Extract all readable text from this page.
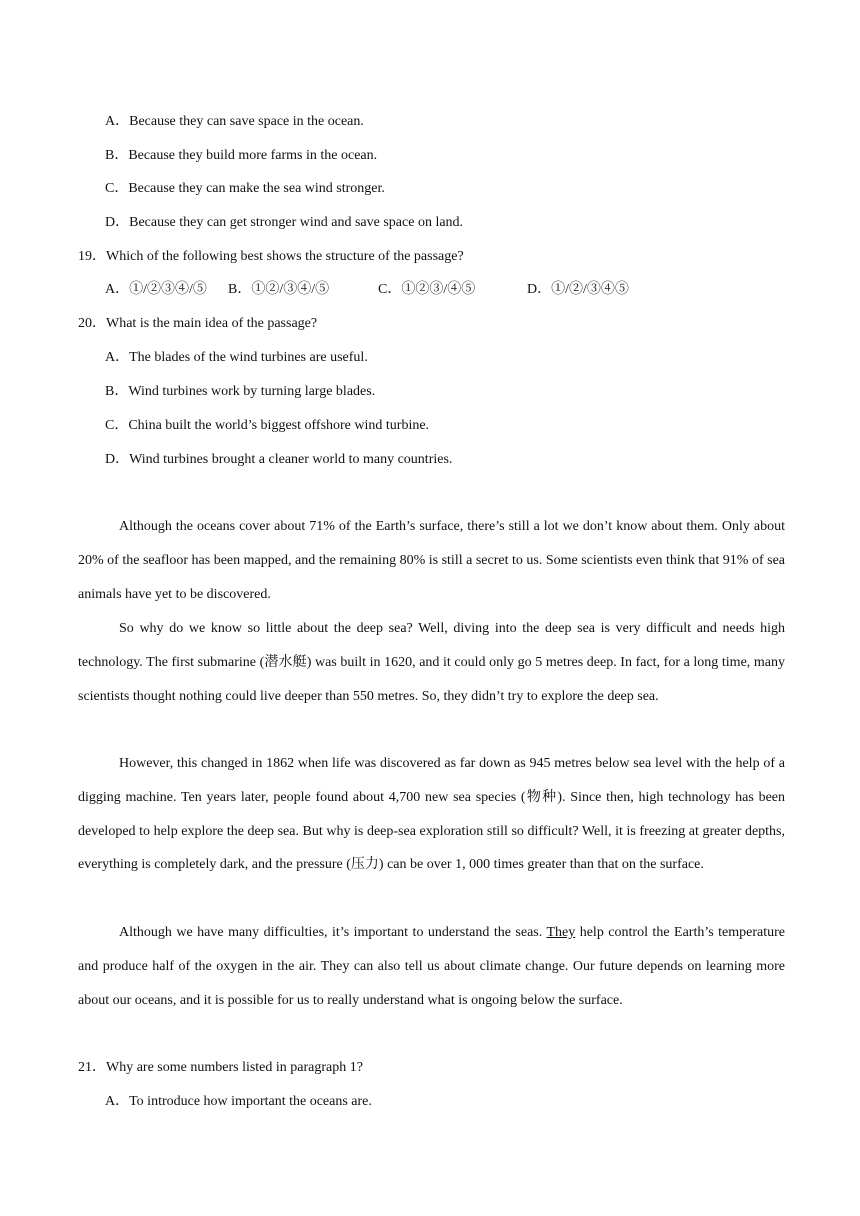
A．Because they can save space in the ocean.
B．Because they build more farms in the ocean.
C．Because they can make the sea wind stronger.
D．Because they can get stronger wind and save space on land.
19．Which of the following best shows the structure of the passage?
A．①/②③④/⑤ B．①②/③④/⑤	C．①②③/④⑤	D．①/②/③④⑤
20．What is the main idea of the passage?
A．The blades of the wind turbines are useful.
B．Wind turbines work by turning large blades.
C．China built the world’s biggest offshore wind turbine.
D．Wind turbines brought a cleaner world to many countries.

Although the oceans cover about 71% of the Earth’s surface, there’s still a lot we don’t know about them. Only about 20% of the seafloor has been mapped, and the remaining 80% is still a secret to us. Some scientists even think that 91% of sea animals have yet to be discovered.

So why do we know so little about the deep sea? Well, diving into the deep sea is very difficult and needs high technology. The first submarine (潜水艇) was built in 1620, and it could only go 5 metres deep. In fact, for a long time, many scientists thought nothing could live deeper than 550 metres. So, they didn’t try to explore the deep sea.

However, this changed in 1862 when life was discovered as far down as 945 metres below sea level with the help of a digging machine. Ten years later, people found about 4,700 new sea species (物种). Since then, high technology has been developed to help explore the deep sea. But why is deep-sea exploration still so difficult? Well, it is freezing at greater depths, everything is completely dark, and the pressure (压力) can be over 1, 000 times greater than that on the surface.

Although we have many difficulties, it’s important to understand the seas. They help control the Earth’s temperature and produce half of the oxygen in the air. They can also tell us about climate change. Our future depends on learning more about our oceans, and it is possible for us to really understand what is ongoing below the surface.

21．Why are some numbers listed in paragraph 1?
A．To introduce how important the oceans are.
